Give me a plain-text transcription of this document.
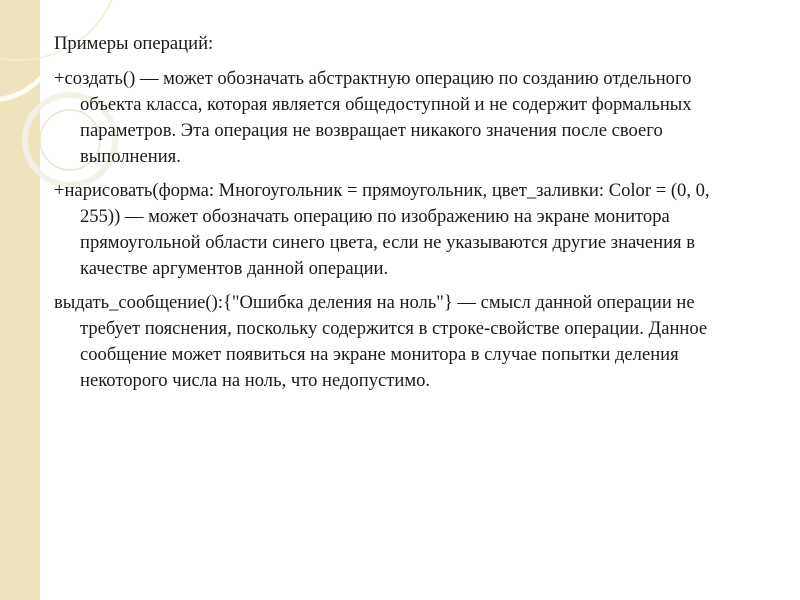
Примеры операций:
+создать() — может обозначать абстрактную операцию по созданию отдельного объекта класса, которая является общедоступной и не содержит формальных параметров. Эта операция не возвращает никакого значения после своего выполнения.
+нарисовать(форма: Многоугольник = прямоугольник, цвет_заливки: Color = (0, 0, 255)) — может обозначать операцию по изображению на экране монитора прямоугольной области синего цвета, если не указываются другие значения в качестве аргументов данной операции.
выдать_сообщение():{"Ошибка деления на ноль"} — смысл данной операции не требует пояснения, поскольку содержится в строке-свойстве операции. Данное сообщение может появиться на экране монитора в случае попытки деления некоторого числа на ноль, что недопустимо.
